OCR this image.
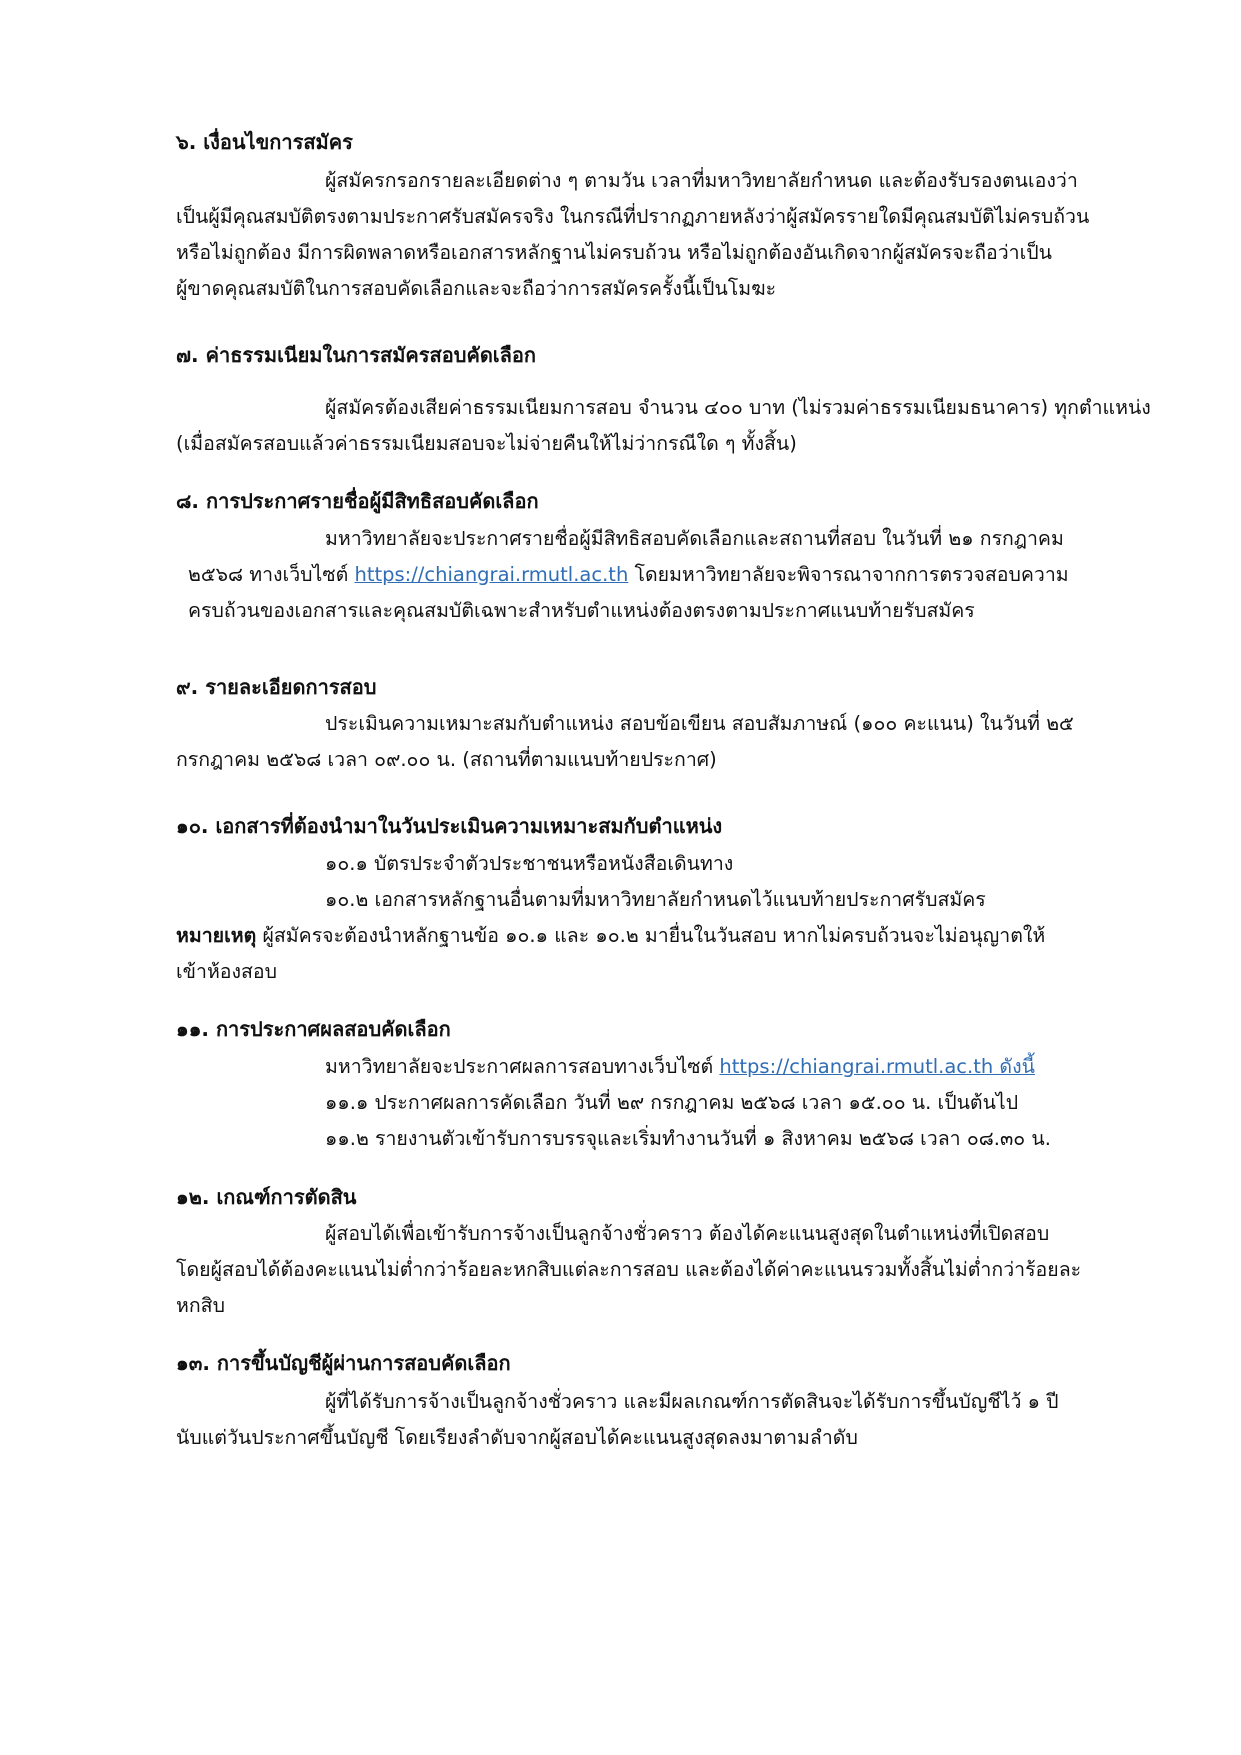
๖. เงื่อนไขการสมัคร

ผู้สมัครกรอกรายละเอียดต่าง ๆ ตามวัน เวลาที่มหาวิทยาลัยกำหนด และต้องรับรองตนเองว่า

เป็นผู้มีคุณสมบัติตรงตามประกาศรับสมัครจริง ในกรณีที่ปรากฏภายหลังว่าผู้สมัครรายใดมีคุณสมบัติไม่ครบถ้วน

หรือไม่ถูกต้อง มีการผิดพลาดหรือเอกสารหลักฐานไม่ครบถ้วน หรือไม่ถูกต้องอันเกิดจากผู้สมัครจะถือว่าเป็น

ผู้ขาดคุณสมบัติในการสอบคัดเลือกและจะถือว่าการสมัครครั้งนี้เป็นโมฆะ

๗. ค่าธรรมเนียมในการสมัครสอบคัดเลือก

ผู้สมัครต้องเสียค่าธรรมเนียมการสอบ จำนวน ๔๐๐ บาท (ไม่รวมค่าธรรมเนียมธนาคาร) ทุกตำแหน่ง

(เมื่อสมัครสอบแล้วค่าธรรมเนียมสอบจะไม่จ่ายคืนให้ไม่ว่ากรณีใด ๆ ทั้งสิ้น)

๘. การประกาศรายชื่อผู้มีสิทธิสอบคัดเลือก

มหาวิทยาลัยจะประกาศรายชื่อผู้มีสิทธิสอบคัดเลือกและสถานที่สอบ ในวันที่ ๒๑ กรกฎาคม

๒๕๖๘ ทางเว็บไซต์ https://chiangrai.rmutl.ac.th โดยมหาวิทยาลัยจะพิจารณาจากการตรวจสอบความ

ครบถ้วนของเอกสารและคุณสมบัติเฉพาะสำหรับตำแหน่งต้องตรงตามประกาศแนบท้ายรับสมัคร

๙. รายละเอียดการสอบ

ประเมินความเหมาะสมกับตำแหน่ง สอบข้อเขียน สอบสัมภาษณ์ (๑๐๐ คะแนน) ในวันที่ ๒๕

กรกฎาคม ๒๕๖๘ เวลา ๐๙.๐๐ น. (สถานที่ตามแนบท้ายประกาศ)

๑๐. เอกสารที่ต้องนำมาในวันประเมินความเหมาะสมกับตำแหน่ง

๑๐.๑ บัตรประจำตัวประชาชนหรือหนังสือเดินทาง

๑๐.๒ เอกสารหลักฐานอื่นตามที่มหาวิทยาลัยกำหนดไว้แนบท้ายประกาศรับสมัคร

หมายเหตุ ผู้สมัครจะต้องนำหลักฐานข้อ ๑๐.๑ และ ๑๐.๒ มายื่นในวันสอบ หากไม่ครบถ้วนจะไม่อนุญาตให้

เข้าห้องสอบ

๑๑. การประกาศผลสอบคัดเลือก

มหาวิทยาลัยจะประกาศผลการสอบทางเว็บไซต์ https://chiangrai.rmutl.ac.th ดังนี้

๑๑.๑ ประกาศผลการคัดเลือก วันที่ ๒๙ กรกฎาคม ๒๕๖๘ เวลา ๑๕.๐๐ น. เป็นต้นไป

๑๑.๒ รายงานตัวเข้ารับการบรรจุและเริ่มทำงานวันที่ ๑ สิงหาคม ๒๕๖๘ เวลา ๐๘.๓๐ น.

๑๒. เกณฑ์การตัดสิน

ผู้สอบได้เพื่อเข้ารับการจ้างเป็นลูกจ้างชั่วคราว ต้องได้คะแนนสูงสุดในตำแหน่งที่เปิดสอบ

โดยผู้สอบได้ต้องคะแนนไม่ต่ำกว่าร้อยละหกสิบแต่ละการสอบ และต้องได้ค่าคะแนนรวมทั้งสิ้นไม่ต่ำกว่าร้อยละ

หกสิบ

๑๓. การขึ้นบัญชีผู้ผ่านการสอบคัดเลือก

ผู้ที่ได้รับการจ้างเป็นลูกจ้างชั่วคราว และมีผลเกณฑ์การตัดสินจะได้รับการขึ้นบัญชีไว้ ๑ ปี

นับแต่วันประกาศขึ้นบัญชี โดยเรียงลำดับจากผู้สอบได้คะแนนสูงสุดลงมาตามลำดับ
